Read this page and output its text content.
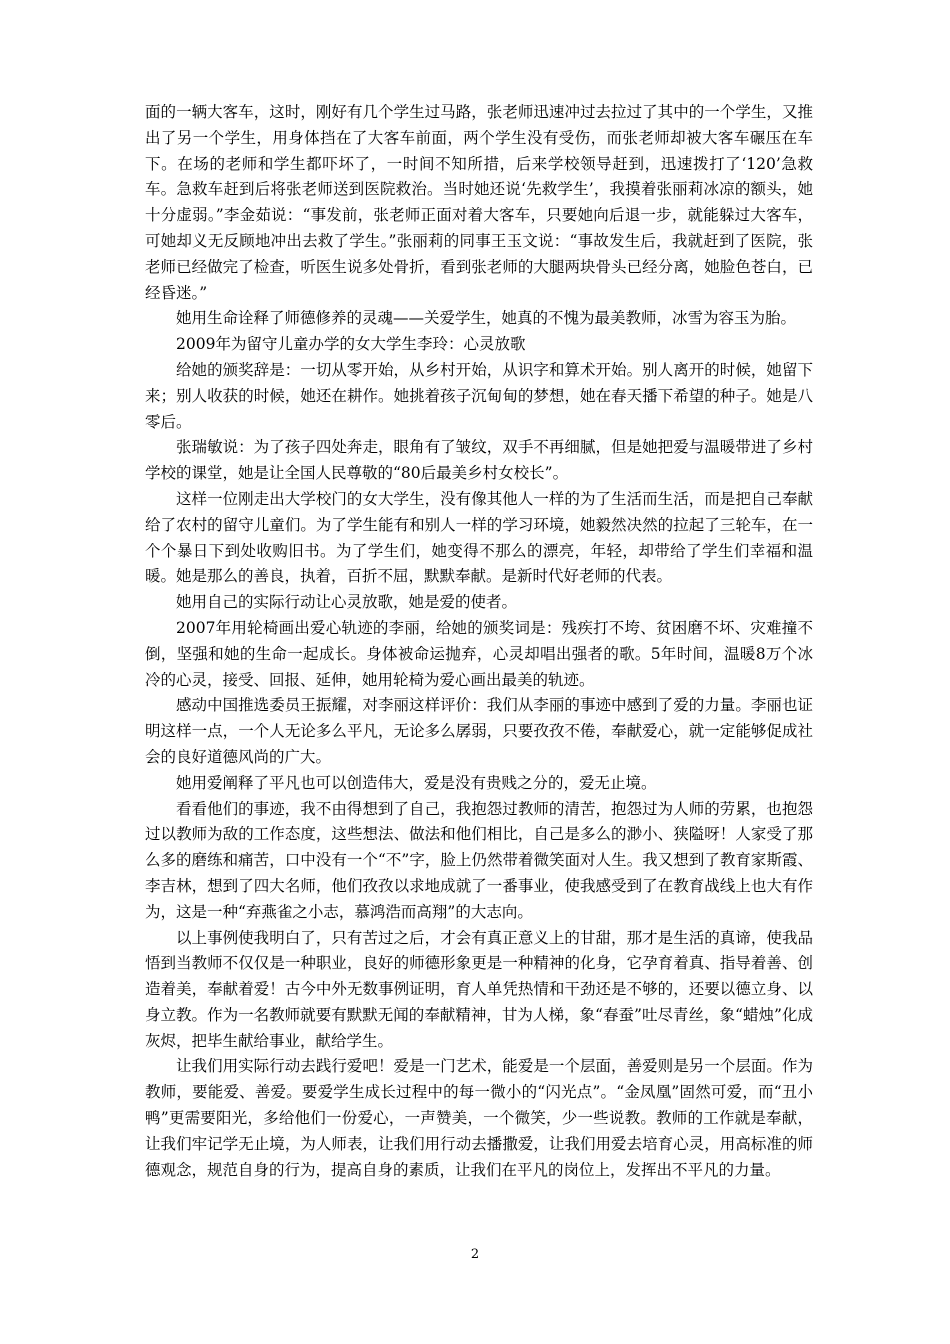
面的一辆大客车，这时，刚好有几个学生过马路，张老师迅速冲过去拉过了其中的一个学生，又推出了另一个学生，用身体挡在了大客车前面，两个学生没有受伤，而张老师却被大客车碾压在车下。在场的老师和学生都吓坏了，一时间不知所措，后来学校领导赶到，迅速拨打了‘120’急救车。急救车赶到后将张老师送到医院救治。当时她还说‘先救学生’，我摸着张丽莉冰凉的额头，她十分虚弱。”李金茹说：“事发前，张老师正面对着大客车，只要她向后退一步，就能躲过大客车，可她却义无反顾地冲出去救了学生。”张丽莉的同事王玉文说：“事故发生后，我就赶到了医院，张老师已经做完了检查，听医生说多处骨折，看到张老师的大腿两块骨头已经分离，她脸色苍白，已经昏迷。”

她用生命诠释了师德修养的灵魂——关爱学生，她真的不愧为最美教师，冰雪为容玉为胎。

2009年为留守儿童办学的女大学生李玲：心灵放歌

给她的颁奖辞是：一切从零开始，从乡村开始，从识字和算术开始。别人离开的时候，她留下来；别人收获的时候，她还在耕作。她挑着孩子沉甸甸的梦想，她在春天播下希望的种子。她是八零后。

张瑞敏说：为了孩子四处奔走，眼角有了皱纹，双手不再细腻，但是她把爱与温暖带进了乡村学校的课堂，她是让全国人民尊敬的“80后最美乡村女校长”。

这样一位刚走出大学校门的女大学生，没有像其他人一样的为了生活而生活，而是把自己奉献给了农村的留守儿童们。为了学生能有和别人一样的学习环境，她毅然决然的拉起了三轮车，在一个个暴日下到处收购旧书。为了学生们，她变得不那么的漂亮，年轻，却带给了学生们幸福和温暖。她是那么的善良，执着，百折不屈，默默奉献。是新时代好老师的代表。

她用自己的实际行动让心灵放歌，她是爱的使者。

2007年用轮椅画出爱心轨迹的李丽，给她的颁奖词是：残疾打不垮、贫困磨不坏、灾难撞不倒，坚强和她的生命一起成长。身体被命运抛弃，心灵却唱出强者的歌。5年时间，温暖8万个冰冷的心灵，接受、回报、延伸，她用轮椅为爱心画出最美的轨迹。

感动中国推选委员王振耀，对李丽这样评价：我们从李丽的事迹中感到了爱的力量。李丽也证明这样一点，一个人无论多么平凡，无论多么孱弱，只要孜孜不倦，奉献爱心，就一定能够促成社会的良好道德风尚的广大。

她用爱阐释了平凡也可以创造伟大，爱是没有贵贱之分的，爱无止境。

看看他们的事迹，我不由得想到了自己，我抱怨过教师的清苦，抱怨过为人师的劳累，也抱怨过以教师为敌的工作态度，这些想法、做法和他们相比，自己是多么的渺小、狭隘呀！人家受了那么多的磨练和痛苦，口中没有一个“不”字，脸上仍然带着微笑面对人生。我又想到了教育家斯霞、李吉林，想到了四大名师，他们孜孜以求地成就了一番事业，使我感受到了在教育战线上也大有作为，这是一种“弃燕雀之小志，慕鸿浩而高翔”的大志向。

以上事例使我明白了，只有苦过之后，才会有真正意义上的甘甜，那才是生活的真谛，使我品悟到当教师不仅仅是一种职业，良好的师德形象更是一种精神的化身，它孕育着真、指导着善、创造着美，奉献着爱！古今中外无数事例证明，育人单凭热情和干劲还是不够的，还要以德立身、以身立教。作为一名教师就要有默默无闻的奉献精神，甘为人梯，象“春蚕”吐尽青丝，象“蜡烛”化成灰烬，把毕生献给事业，献给学生。

让我们用实际行动去践行爱吧！爱是一门艺术，能爱是一个层面，善爱则是另一个层面。作为教师，要能爱、善爱。要爱学生成长过程中的每一微小的“闪光点”。“金凤凰”固然可爱，而“丑小鸭”更需要阳光，多给他们一份爱心，一声赞美，一个微笑，少一些说教。教师的工作就是奉献，让我们牢记学无止境，为人师表，让我们用行动去播撒爱，让我们用爱去培育心灵，用高标准的师德观念，规范自身的行为，提高自身的素质，让我们在平凡的岗位上，发挥出不平凡的力量。

2
